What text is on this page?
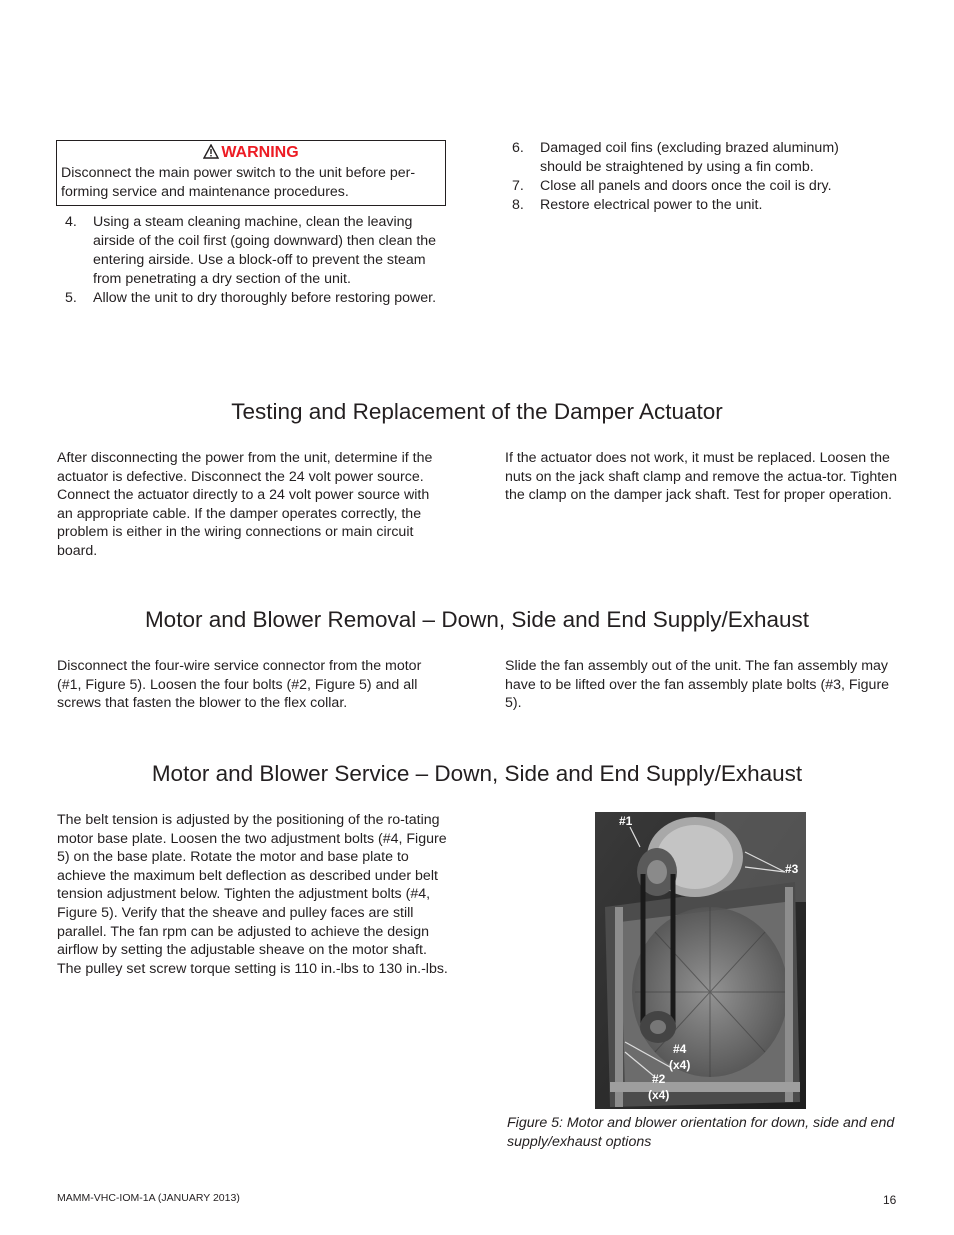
WARNING

Disconnect the main power switch to the unit before per-forming service and maintenance procedures.

4. Using a steam cleaning machine, clean the leaving airside of the coil first (going downward) then clean the entering airside. Use a block-off to prevent the steam from penetrating a dry section of the unit.
5. Allow the unit to dry thoroughly before restoring power.
6. Damaged coil fins (excluding brazed aluminum) should be straightened by using a fin comb.
7. Close all panels and doors once the coil is dry.
8. Restore electrical power to the unit.
Testing and Replacement of the Damper Actuator

After disconnecting the power from the unit, determine if the actuator is defective. Disconnect the 24 volt power source. Connect the actuator directly to a 24 volt power source with an appropriate cable. If the damper operates correctly, the problem is either in the wiring connections or main circuit board.

If the actuator does not work, it must be replaced. Loosen the nuts on the jack shaft clamp and remove the actua-tor. Tighten the clamp on the damper jack shaft. Test for proper operation.

Motor and Blower Removal – Down, Side and End Supply/Exhaust

Disconnect the four-wire service connector from the motor (#1, Figure 5). Loosen the four bolts (#2, Figure 5) and all screws that fasten the blower to the flex collar.

Slide the fan assembly out of the unit. The fan assembly may have to be lifted over the fan assembly plate bolts (#3, Figure 5).

Motor and Blower Service – Down, Side and End Supply/Exhaust

The belt tension is adjusted by the positioning of the ro-tating motor base plate. Loosen the two adjustment bolts (#4, Figure 5) on the base plate. Rotate the motor and base plate to achieve the maximum belt deflection as described under belt tension adjustment below. Tighten the adjustment bolts (#4, Figure 5). Verify that the sheave and pulley faces are still parallel. The fan rpm can be adjusted to achieve the design airflow by setting the adjustable sheave on the motor shaft. The pulley set screw torque setting is 110 in.-lbs to 130 in.-lbs.

#1
#3
#4
(x4)
#2
(x4)

Figure 5: Motor and blower orientation for down, side and end supply/exhaust options

MAMM-VHC-IOM-1A (JANUARY 2013)	16
